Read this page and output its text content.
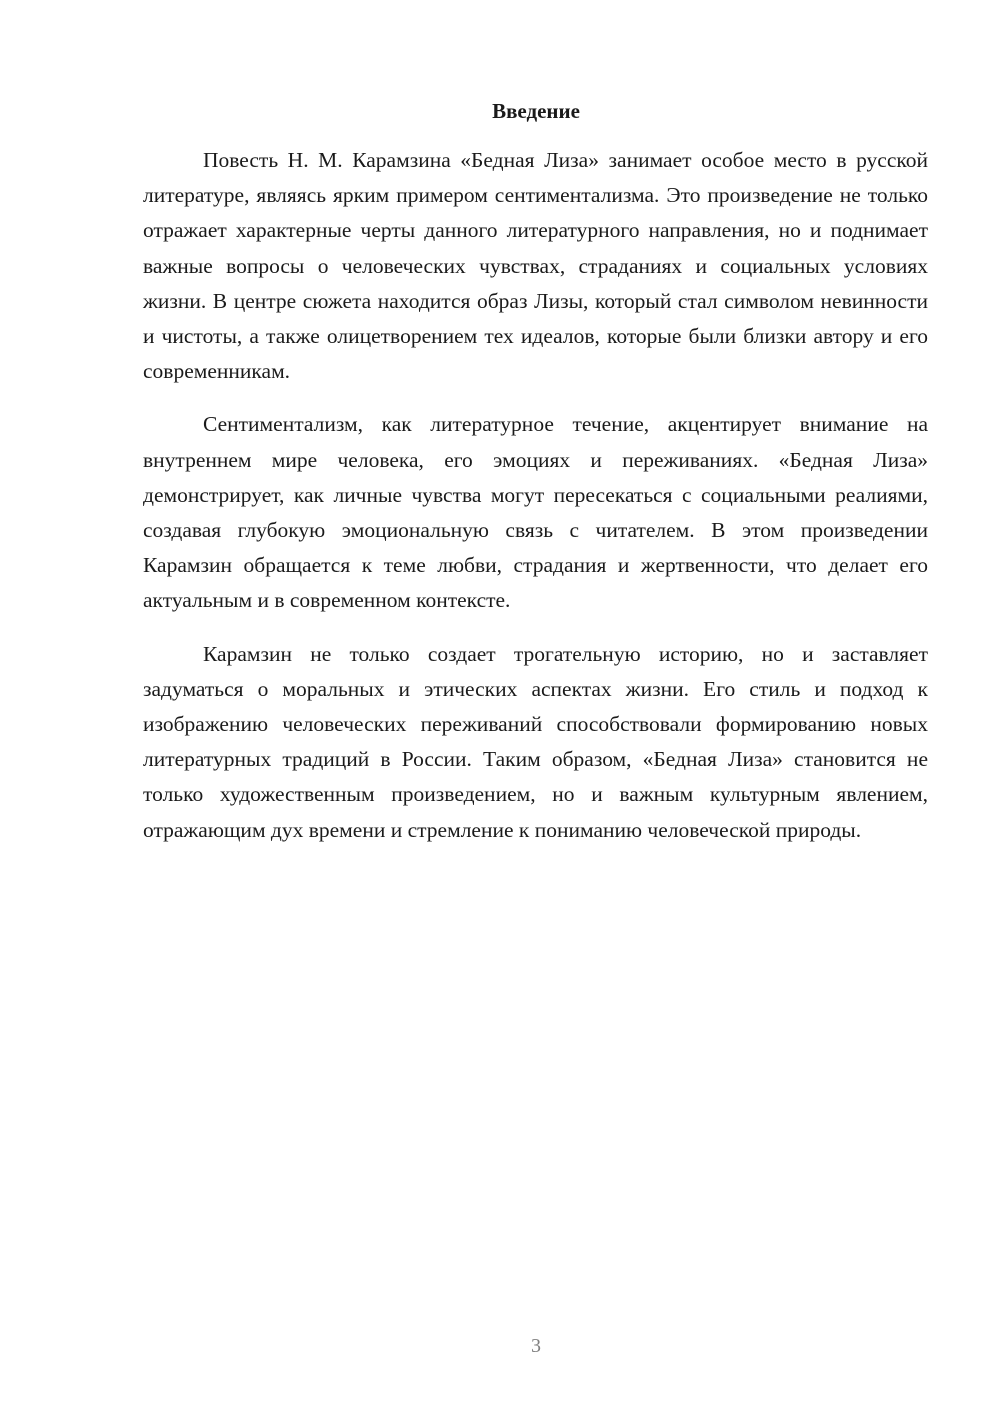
Введение

Повесть Н. М. Карамзина «Бедная Лиза» занимает особое место в русской литературе, являясь ярким примером сентиментализма. Это произведение не только отражает характерные черты данного литературного направления, но и поднимает важные вопросы о человеческих чувствах, страданиях и социальных условиях жизни. В центре сюжета находится образ Лизы, который стал символом невинности и чистоты, а также олицетворением тех идеалов, которые были близки автору и его современникам.

Сентиментализм, как литературное течение, акцентирует внимание на внутреннем мире человека, его эмоциях и переживаниях. «Бедная Лиза» демонстрирует, как личные чувства могут пересекаться с социальными реалиями, создавая глубокую эмоциональную связь с читателем. В этом произведении Карамзин обращается к теме любви, страдания и жертвенности, что делает его актуальным и в современном контексте.

Карамзин не только создает трогательную историю, но и заставляет задуматься о моральных и этических аспектах жизни. Его стиль и подход к изображению человеческих переживаний способствовали формированию новых литературных традиций в России. Таким образом, «Бедная Лиза» становится не только художественным произведением, но и важным культурным явлением, отражающим дух времени и стремление к пониманию человеческой природы.

3
